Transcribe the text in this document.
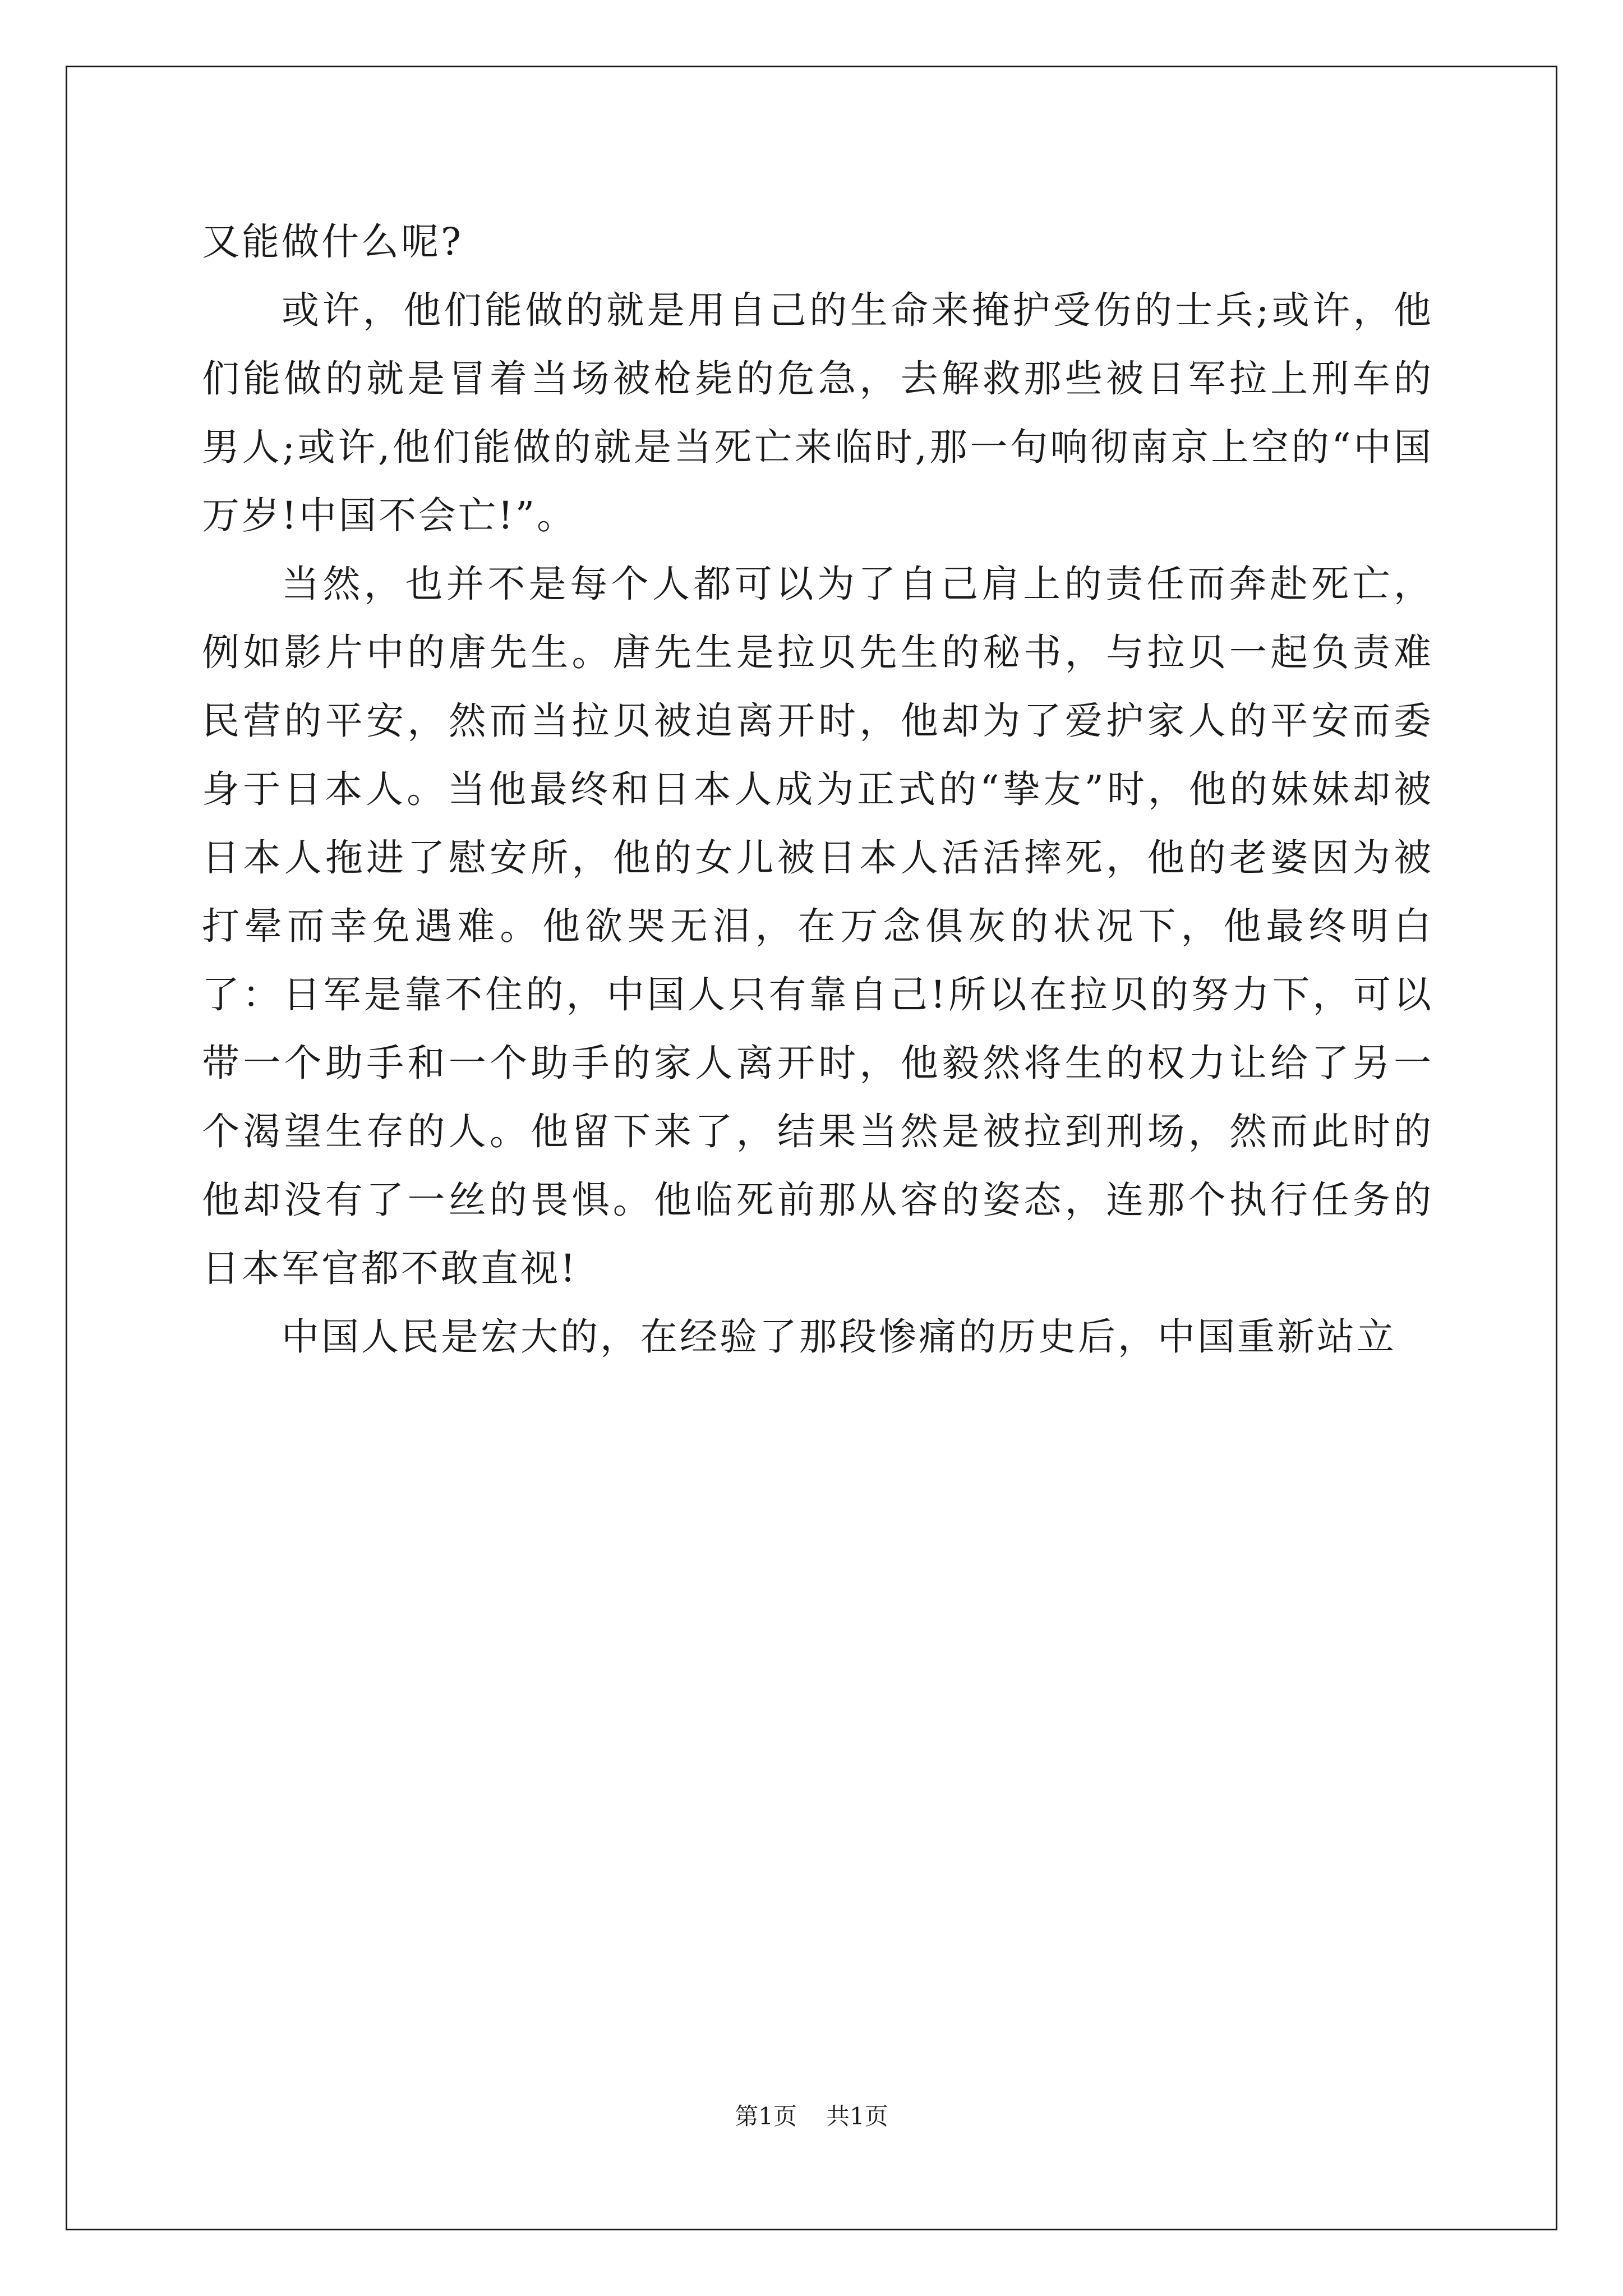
又能做什么呢?

或许，他们能做的就是用自己的生命来掩护受伤的士兵;或许，他们能做的就是冒着当场被枪毙的危急，去解救那些被日军拉上刑车的男人;或许,他们能做的就是当死亡来临时,那一句响彻南京上空的“中国万岁!中国不会亡!”。

当然，也并不是每个人都可以为了自己肩上的责任而奔赴死亡，例如影片中的唐先生。唐先生是拉贝先生的秘书，与拉贝一起负责难民营的平安，然而当拉贝被迫离开时，他却为了爱护家人的平安而委身于日本人。当他最终和日本人成为正式的“挚友”时，他的妹妹却被日本人拖进了慰安所，他的女儿被日本人活活摔死，他的老婆因为被打晕而幸免遇难。他欲哭无泪，在万念俱灰的状况下，他最终明白了：日军是靠不住的，中国人只有靠自己!所以在拉贝的努力下，可以带一个助手和一个助手的家人离开时，他毅然将生的权力让给了另一个渴望生存的人。他留下来了，结果当然是被拉到刑场，然而此时的他却没有了一丝的畏惧。他临死前那从容的姿态，连那个执行任务的日本军官都不敢直视!

中国人民是宏大的，在经验了那段惨痛的历史后，中国重新站立

第1页 共1页
